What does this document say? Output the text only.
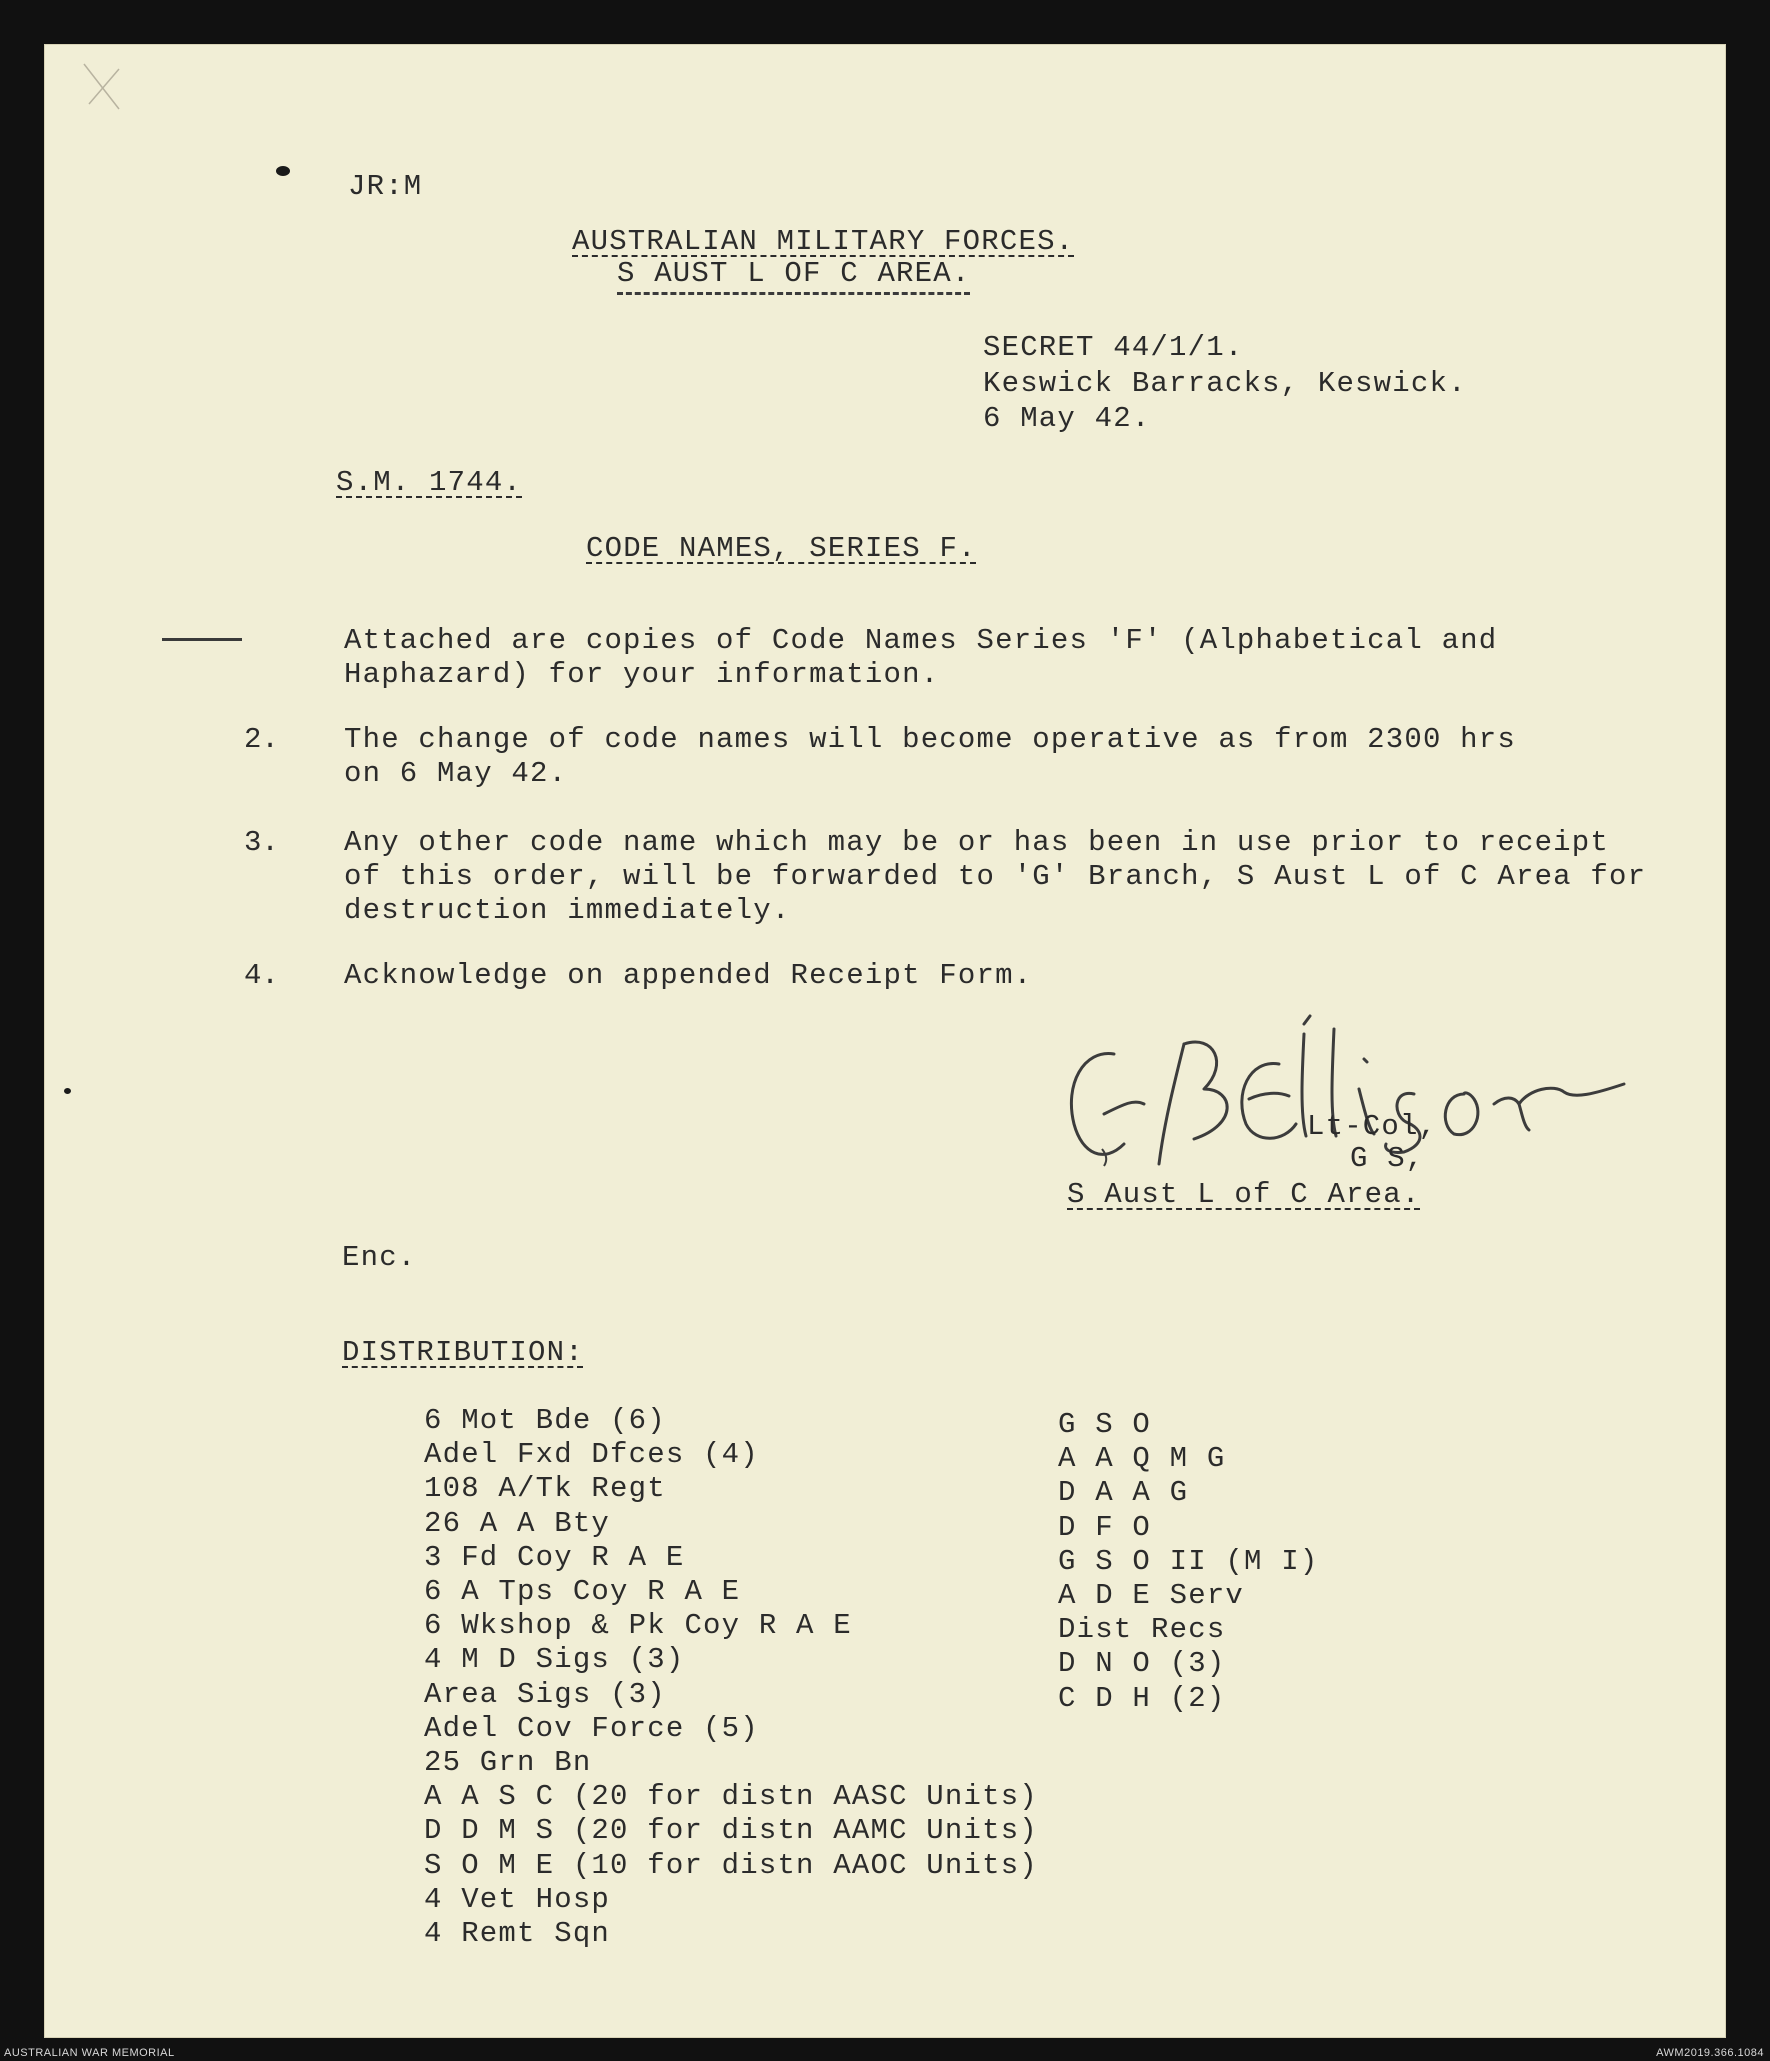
JR:M
AUSTRALIAN MILITARY FORCES.
S AUST L OF C AREA.
SECRET 44/1/1.
Keswick Barracks, Keswick.
6 May 42.
S.M. 1744.
CODE NAMES, SERIES F.
Attached are copies of Code Names Series 'F' (Alphabetical and Haphazard) for your information.
2. The change of code names will become operative as from 2300 hrs on 6 May 42.
3. Any other code name which may be or has been in use prior to receipt of this order, will be forwarded to 'G' Branch, S Aust L of C Area for destruction immediately.
4. Acknowledge on appended Receipt Form.
Lt-Col,
G S,
S Aust L of C Area.
Enc.
DISTRIBUTION:
6 Mot Bde (6)
Adel Fxd Dfces (4)
108 A/Tk Regt
26 A A Bty
3 Fd Coy R A E
6 A Tps Coy R A E
6 Wkshop & Pk Coy R A E
4 M D Sigs (3)
Area Sigs (3)
Adel Cov Force (5)
25 Grn Bn
A A S C (20 for distn AASC Units)
D D M S (20 for distn AAMC Units)
S O M E (10 for distn AAOC Units)
4 Vet Hosp
4 Remt Sqn
G S O
A A Q M G
D A A G
D F O
G S O II (M I)
A D E Serv
Dist Recs
D N O (3)
C D H (2)
AUSTRALIAN WAR MEMORIAL	AWM2019.366.1084
